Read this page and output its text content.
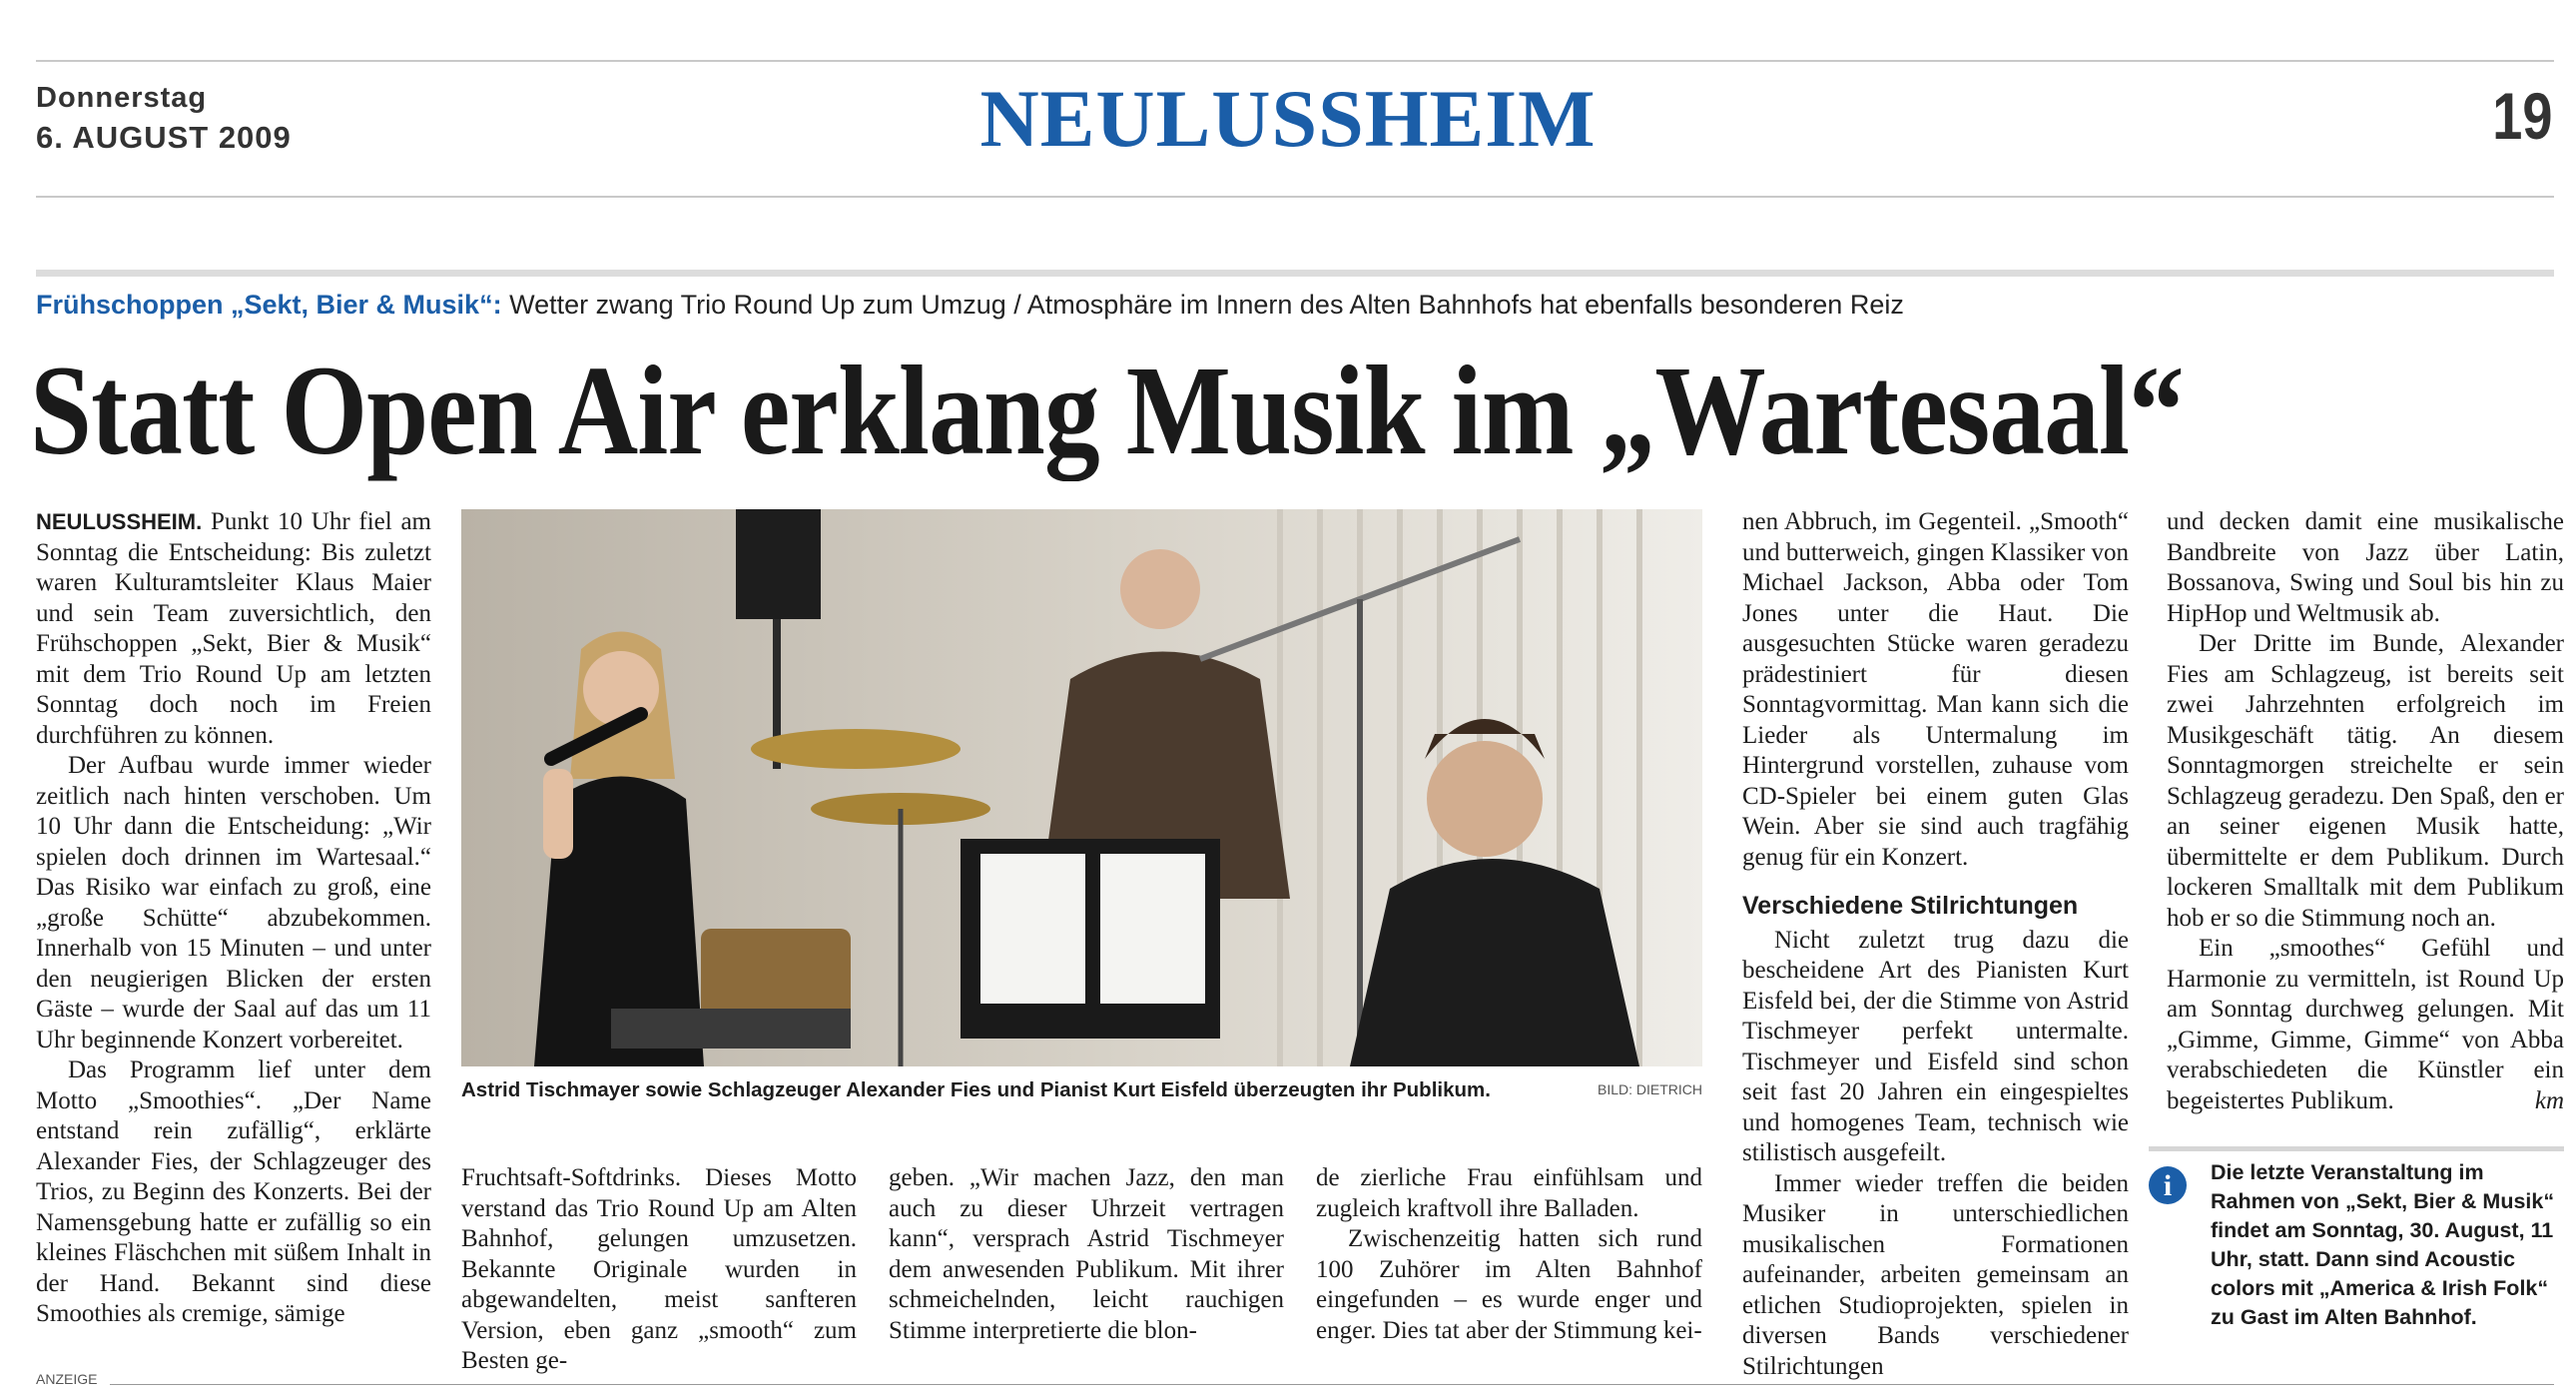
Donnerstag
6. AUGUST 2009	NEULUSSHEIM	19
Frühschoppen „Sekt, Bier & Musik“: Wetter zwang Trio Round Up zum Umzug / Atmosphäre im Innern des Alten Bahnhofs hat ebenfalls besonderen Reiz
Statt Open Air erklang Musik im „Wartesaal“

NEULUSSHEIM. Punkt 10 Uhr fiel am Sonntag die Entscheidung: Bis zuletzt waren Kulturamtsleiter Klaus Maier und sein Team zuversichtlich, den Frühschoppen „Sekt, Bier & Musik“ mit dem Trio Round Up am letzten Sonntag doch noch im Freien durchführen zu können.

Der Aufbau wurde immer wieder zeitlich nach hinten verschoben. Um 10 Uhr dann die Entscheidung: „Wir spielen doch drinnen im Wartesaal.“ Das Risiko war einfach zu groß, eine „große Schütte“ abzubekommen. Innerhalb von 15 Minuten – und unter den neugierigen Blicken der ersten Gäste – wurde der Saal auf das um 11 Uhr beginnende Konzert vorbereitet.

Das Programm lief unter dem Motto „Smoothies“. „Der Name entstand rein zufällig“, erklärte Alexander Fies, der Schlagzeuger des Trios, zu Beginn des Konzerts. Bei der Namensgebung hatte er zufällig so ein kleines Fläschchen mit süßem Inhalt in der Hand. Bekannt sind diese Smoothies als cremige, sämige

Astrid Tischmayer sowie Schlagzeuger Alexander Fies und Pianist Kurt Eisfeld überzeugten ihr Publikum.	BILD: DIETRICH

Fruchtsaft-Softdrinks. Dieses Motto verstand das Trio Round Up am Alten Bahnhof, gelungen umzusetzen. Bekannte Originale wurden in abgewandelten, meist sanfteren Version, eben ganz „smooth“ zum Besten ge-

geben. „Wir machen Jazz, den man auch zu dieser Uhrzeit vertragen kann“, versprach Astrid Tischmeyer dem anwesenden Publikum. Mit ihrer schmeichelnden, leicht rauchigen Stimme interpretierte die blon-

de zierliche Frau einfühlsam und zugleich kraftvoll ihre Balladen.

Zwischenzeitig hatten sich rund 100 Zuhörer im Alten Bahnhof eingefunden – es wurde enger und enger. Dies tat aber der Stimmung kei-

nen Abbruch, im Gegenteil. „Smooth“ und butterweich, gingen Klassiker von Michael Jackson, Abba oder Tom Jones unter die Haut. Die ausgesuchten Stücke waren geradezu prädestiniert für diesen Sonntagvormittag. Man kann sich die Lieder als Untermalung im Hintergrund vorstellen, zuhause vom CD-Spieler bei einem guten Glas Wein. Aber sie sind auch tragfähig genug für ein Konzert.

Verschiedene Stilrichtungen

Nicht zuletzt trug dazu die bescheidene Art des Pianisten Kurt Eisfeld bei, der die Stimme von Astrid Tischmeyer perfekt untermalte. Tischmeyer und Eisfeld sind schon seit fast 20 Jahren ein eingespieltes und homogenes Team, technisch wie stilistisch ausgefeilt.

Immer wieder treffen die beiden Musiker in unterschiedlichen musikalischen Formationen aufeinander, arbeiten gemeinsam an etlichen Studioprojekten, spielen in diversen Bands verschiedener Stilrichtungen

und decken damit eine musikalische Bandbreite von Jazz über Latin, Bossanova, Swing und Soul bis hin zu HipHop und Weltmusik ab.

Der Dritte im Bunde, Alexander Fies am Schlagzeug, ist bereits seit zwei Jahrzehnten erfolgreich im Musikgeschäft tätig. An diesem Sonntagmorgen streichelte er sein Schlagzeug geradezu. Den Spaß, den er an seiner eigenen Musik hatte, übermittelte er dem Publikum. Durch lockeren Smalltalk mit dem Publikum hob er so die Stimmung noch an.

Ein „smoothes“ Gefühl und Harmonie zu vermitteln, ist Round Up am Sonntag durchweg gelungen. Mit „Gimme, Gimme, Gimme“ von Abba verabschiedeten die Künstler ein begeistertes Publikum.	km

i	Die letzte Veranstaltung im Rahmen von „Sekt, Bier & Musik“ findet am Sonntag, 30. August, 11 Uhr, statt. Dann sind Acoustic colors mit „America & Irish Folk“ zu Gast im Alten Bahnhof.
ANZEIGE
